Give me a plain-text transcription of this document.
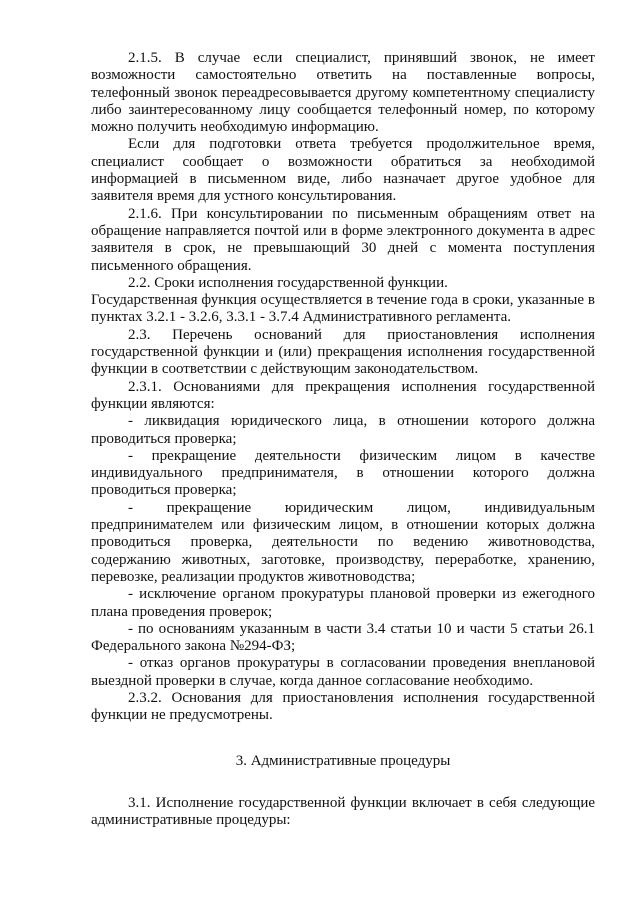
2.1.5. В случае если специалист, принявший звонок, не имеет возможности самостоятельно ответить на поставленные вопросы, телефонный звонок переадресовывается другому компетентному специалисту либо заинтересованному лицу сообщается телефонный номер, по которому можно получить необходимую информацию.

Если для подготовки ответа требуется продолжительное время, специалист сообщает о возможности обратиться за необходимой информацией в письменном виде, либо назначает другое удобное для заявителя время для устного консультирования.

2.1.6. При консультировании по письменным обращениям ответ на обращение направляется почтой или в форме электронного документа в адрес заявителя в срок, не превышающий 30 дней с момента поступления письменного обращения.

2.2. Сроки исполнения государственной функции.

Государственная функция осуществляется в течение года в сроки, указанные в пунктах 3.2.1 - 3.2.6, 3.3.1 - 3.7.4 Административного регламента.

2.3. Перечень оснований для приостановления исполнения государственной функции и (или) прекращения исполнения государственной функции в соответствии с действующим законодательством.

2.3.1. Основаниями для прекращения исполнения государственной функции являются:

- ликвидация юридического лица, в отношении которого должна проводиться проверка;

- прекращение деятельности физическим лицом в качестве индивидуального предпринимателя, в отношении которого должна проводиться проверка;

- прекращение юридическим лицом, индивидуальным предпринимателем или физическим лицом, в отношении которых должна проводиться проверка, деятельности по ведению животноводства, содержанию животных, заготовке, производству, переработке, хранению, перевозке, реализации продуктов животноводства;

- исключение органом прокуратуры плановой проверки из ежегодного плана проведения проверок;

- по основаниям указанным в части 3.4 статьи 10 и части 5 статьи 26.1 Федерального закона №294-ФЗ;

- отказ органов прокуратуры в согласовании проведения внеплановой выездной проверки в случае, когда данное согласование необходимо.

2.3.2. Основания для приостановления исполнения государственной функции не предусмотрены.

3. Административные процедуры

3.1. Исполнение государственной функции включает в себя следующие административные процедуры:
